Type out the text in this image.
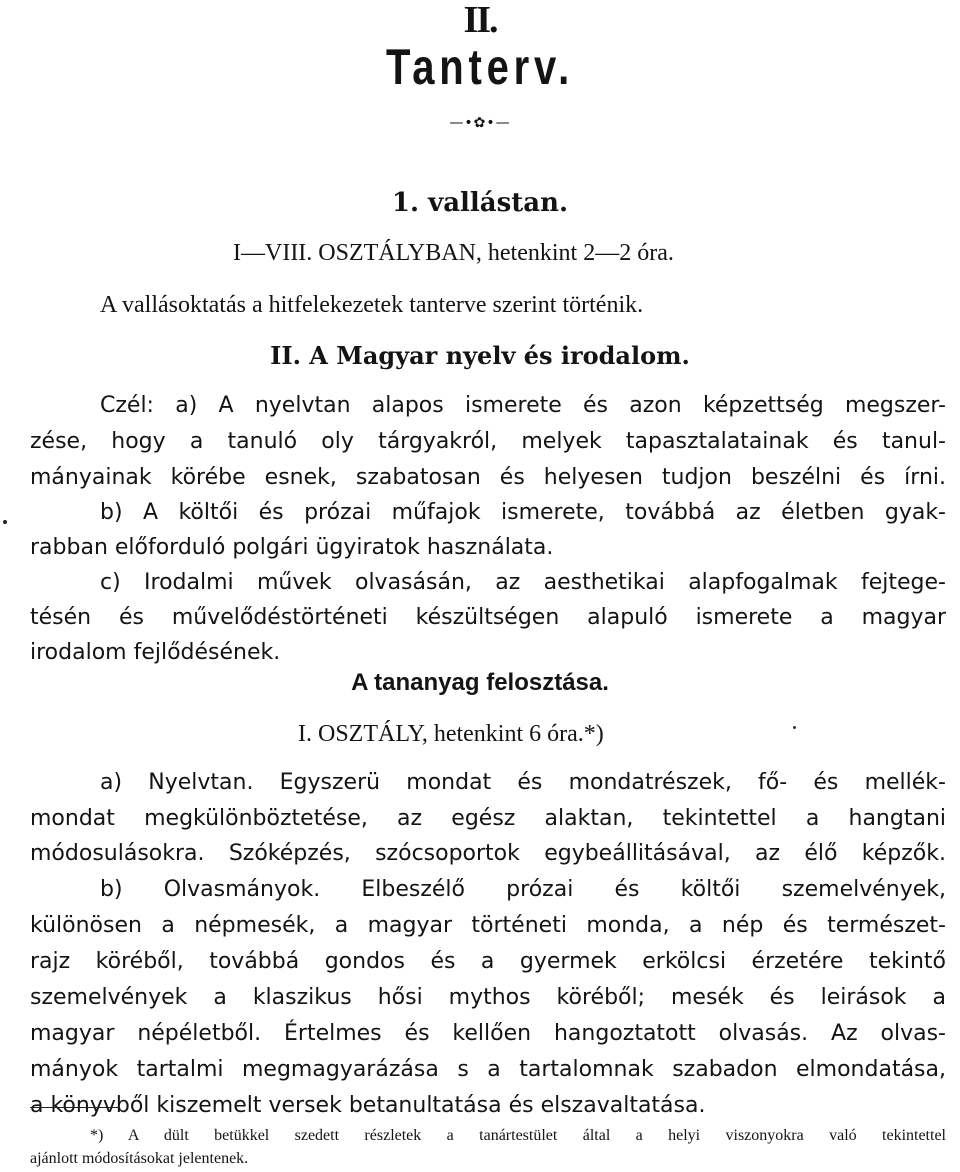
II.
Tanterv.
—•✿•—
1. vallástan.
I—VIII. OSZTÁLYBAN, hetenkint 2—2 óra.
A vallásoktatás a hitfelekezetek tanterve szerint történik.
II. A Magyar nyelv és irodalom.
Czél: a) A nyelvtan alapos ismerete és azon képzettség megszer-
zése, hogy a tanuló oly tárgyakról, melyek tapasztalatainak és tanul-
mányainak körébe esnek, szabatosan és helyesen tudjon beszélni és írni.
b) A költői és prózai műfajok ismerete, továbbá az életben gyak-
rabban előforduló polgári ügyiratok használata.
c) Irodalmi művek olvasásán, az aesthetikai alapfogalmak fejtege-
tésén és művelődéstörténeti készültségen alapuló ismerete a magyar
irodalom fejlődésének.
A tananyag felosztása.
I. OSZTÁLY, hetenkint 6 óra.*)
a) Nyelvtan. Egyszerü mondat és mondatrészek, fő- és mellék-
mondat megkülönböztetése, az egész alaktan, tekintettel a hangtani
módosulásokra. Szóképzés, szócsoportok egybeállitásával, az élő képzők.
b) Olvasmányok. Elbeszélő prózai és költői szemelvények,
különösen a népmesék, a magyar történeti monda, a nép és természet-
rajz köréből, továbbá gondos és a gyermek erkölcsi érzetére tekintő
szemelvények a klaszikus hősi mythos köréből; mesék és leirások a
magyar népéletből. Értelmes és kellően hangoztatott olvasás. Az olvas-
mányok tartalmi megmagyarázása s a tartalomnak szabadon elmondatása,
a könyvből kiszemelt versek betanultatása és elszavaltatása.
*) A dült betükkel szedett részletek a tanártestület által a helyi viszonyokra való tekintettel
ajánlott módosításokat jelentenek.
